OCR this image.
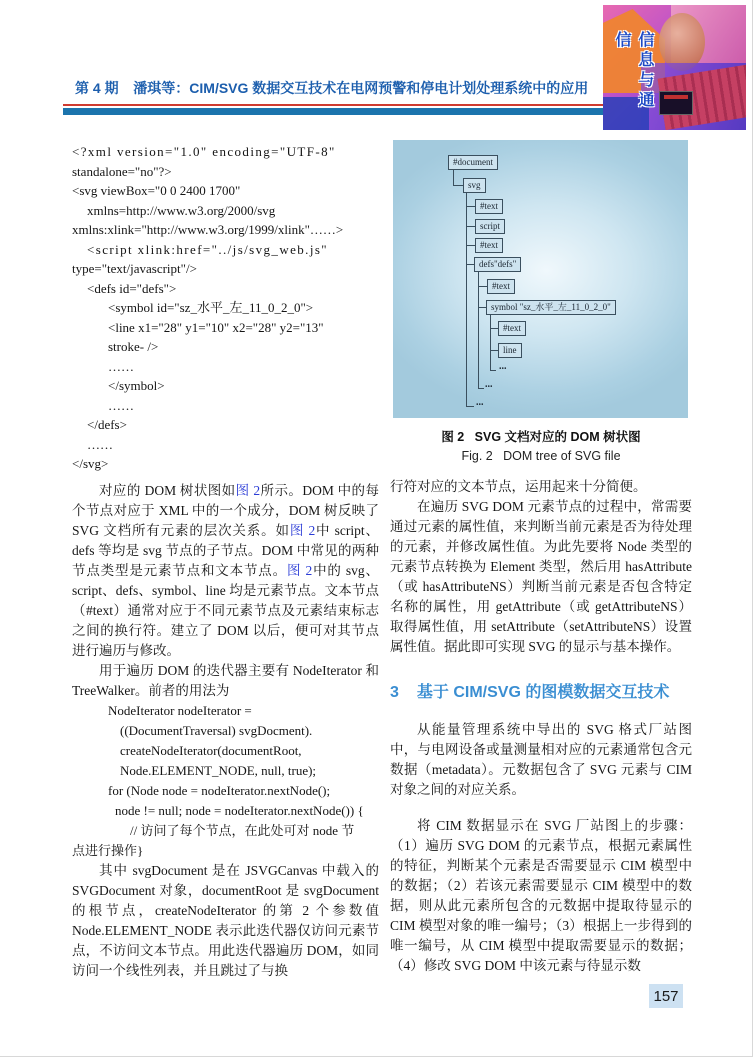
第 4 期	潘琪等：CIM/SVG 数据交互技术在电网预警和停电计划处理系统中的应用	信息与通信
<?xml version="1.0" encoding="UTF-8"
standalone="no"?>
<svg viewBox="0 0 2400 1700"
xmlns=http://www.w3.org/2000/svg
xmlns:xlink="http://www.w3.org/1999/xlink"……>
<script xlink:href="../js/svg_web.js"
type="text/javascript"/>
<defs id="defs">
<symbol id="sz_水平_左_11_0_2_0">
<line x1="28" y1="10" x2="28" y2="13"
stroke- />
……
</symbol>
……
</defs>
……
</svg>

对应的 DOM 树状图如图 2所示。DOM 中的每个节点对应于 XML 中的一个成分，DOM 树反映了 SVG 文档所有元素的层次关系。如图 2中 script、defs 等均是 svg 节点的子节点。DOM 中常见的两种节点类型是元素节点和文本节点。图 2中的 svg、script、defs、symbol、line 均是元素节点。文本节点（#text）通常对应于不同元素节点及元素结束标志之间的换行符。建立了 DOM 以后，便可对其节点进行遍历与修改。

用于遍历 DOM 的迭代器主要有 NodeIterator 和 TreeWalker。前者的用法为

NodeIterator nodeIterator =
((DocumentTraversal) svgDocment).
createNodeIterator(documentRoot,
Node.ELEMENT_NODE, null, true);
for (Node node = nodeIterator.nextNode();
node != null; node = nodeIterator.nextNode()) {
// 访问了每个节点，在此处可对 node 节
点进行操作}

其中 svgDocument 是在 JSVGCanvas 中载入的 SVGDocument 对象，documentRoot 是 svgDocument 的根节点，createNodeIterator 的第 2 个参数值 Node.ELEMENT_NODE 表示此迭代器仅访问元素节点，不访问文本节点。用此迭代器遍历 DOM，如同访问一个线性列表，并且跳过了与换

#document
svg
#text
script
#text
defs"defs"
#text
symbol "sz_水平_左_11_0_2_0"
#text
line
...
...
...
图 2   SVG 文档对应的 DOM 树状图
Fig. 2   DOM tree of SVG file

行符对应的文本节点，运用起来十分简便。

在遍历 SVG DOM 元素节点的过程中，常需要通过元素的属性值，来判断当前元素是否为待处理的元素，并修改属性值。为此先要将 Node 类型的元素节点转换为 Element 类型，然后用 hasAttribute（或 hasAttributeNS）判断当前元素是否包含特定名称的属性，用 getAttribute（或 getAttributeNS）取得属性值，用 setAttribute（setAttributeNS）设置属性值。据此即可实现 SVG 的显示与基本操作。

3 基于 CIM/SVG 的图模数据交互技术

从能量管理系统中导出的 SVG 格式厂站图中，与电网设备或量测量相对应的元素通常包含元数据（metadata）。元数据包含了 SVG 元素与 CIM 对象之间的对应关系。

将 CIM 数据显示在 SVG 厂站图上的步骤：（1）遍历 SVG DOM 的元素节点，根据元素属性的特征，判断某个元素是否需要显示 CIM 模型中的数据；（2）若该元素需要显示 CIM 模型中的数据，则从此元素所包含的元数据中提取待显示的 CIM 模型对象的唯一编号；（3）根据上一步得到的唯一编号，从 CIM 模型中提取需要显示的数据；（4）修改 SVG DOM 中该元素与待显示数

157
